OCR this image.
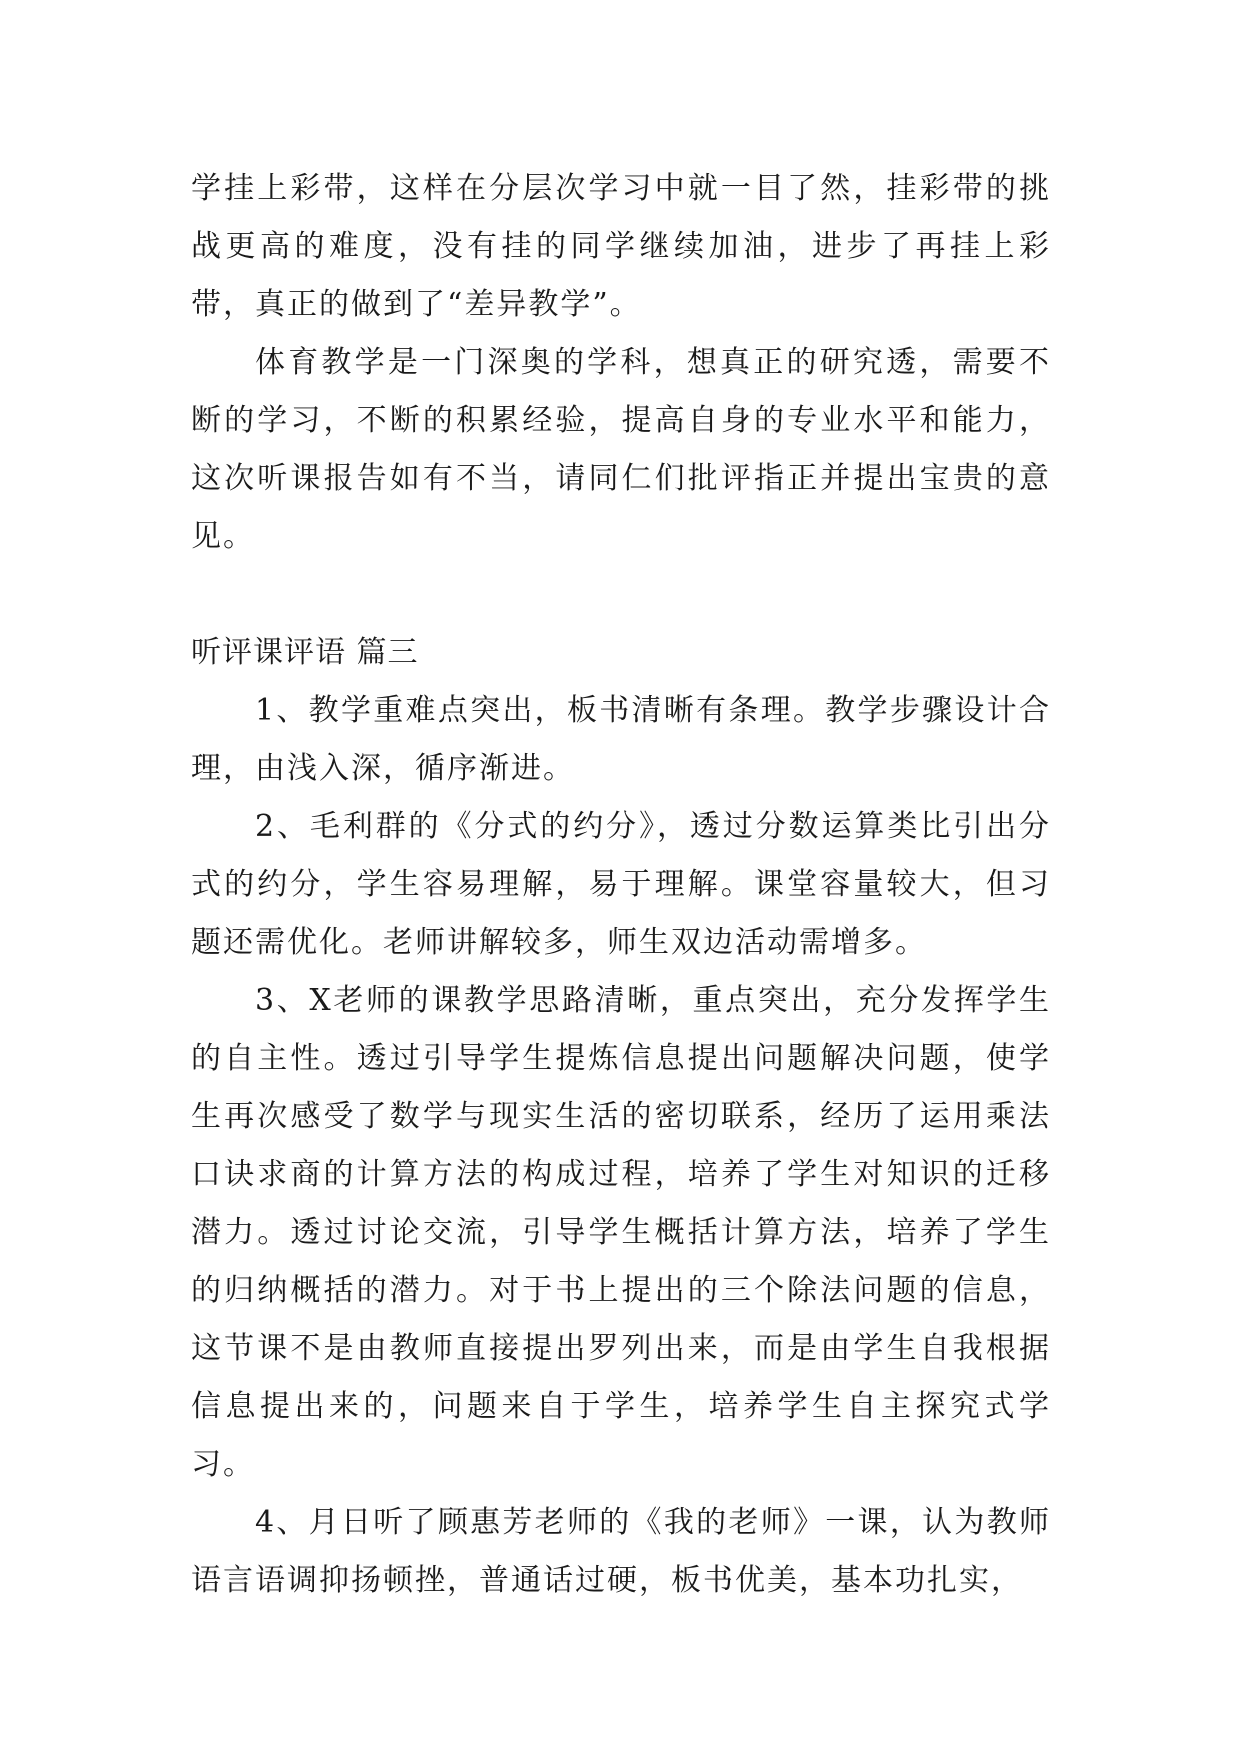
学挂上彩带，这样在分层次学习中就一目了然，挂彩带的挑战更高的难度，没有挂的同学继续加油，进步了再挂上彩带，真正的做到了“差异教学”。

体育教学是一门深奥的学科，想真正的研究透，需要不断的学习，不断的积累经验，提高自身的专业水平和能力，这次听课报告如有不当，请同仁们批评指正并提出宝贵的意见。

听评课评语 篇三

1、教学重难点突出，板书清晰有条理。教学步骤设计合理，由浅入深，循序渐进。

2、毛利群的《分式的约分》，透过分数运算类比引出分式的约分，学生容易理解，易于理解。课堂容量较大，但习题还需优化。老师讲解较多，师生双边活动需增多。

3、X老师的课教学思路清晰，重点突出，充分发挥学生的自主性。透过引导学生提炼信息提出问题解决问题，使学生再次感受了数学与现实生活的密切联系，经历了运用乘法口诀求商的计算方法的构成过程，培养了学生对知识的迁移潜力。透过讨论交流，引导学生概括计算方法，培养了学生的归纳概括的潜力。对于书上提出的三个除法问题的信息，这节课不是由教师直接提出罗列出来，而是由学生自我根据信息提出来的，问题来自于学生，培养学生自主探究式学习。

4、月日听了顾惠芳老师的《我的老师》一课，认为教师语言语调抑扬顿挫，普通话过硬，板书优美，基本功扎实，
